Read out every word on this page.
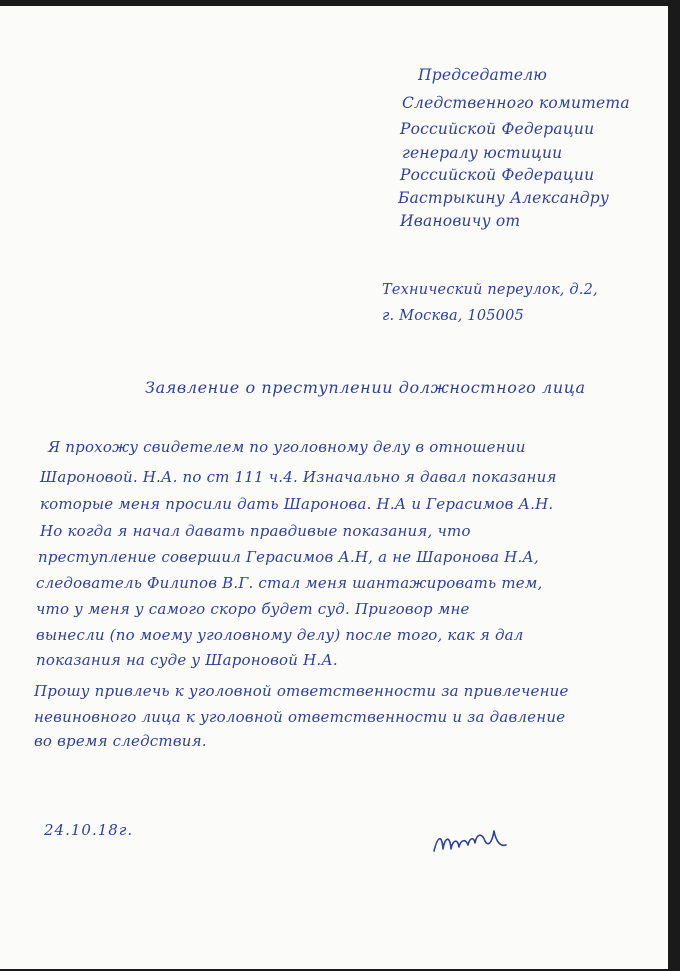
Председателю

Следственного комитета

Российской Федерации

генералу юстиции

Российской Федерации

Бастрыкину Александру

Ивановичу от

Технический переулок, д.2,

г. Москва, 105005

Заявление о преступлении должностного лица

Я прохожу свидетелем по уголовному делу в отношении

Шароновой. Н.А. по ст 111 ч.4. Изначально я давал показания

которые меня просили дать Шаронова. Н.А и Герасимов А.Н.

Но когда я начал давать правдивые показания, что

преступление совершил Герасимов А.Н, а не Шаронова Н.А,

следователь Филипов В.Г. стал меня шантажировать тем,

что у меня у самого скоро будет суд. Приговор мне

вынесли (по моему уголовному делу) после того, как я дал

показания на суде у Шароновой Н.А.

Прошу привлечь к уголовной ответственности за привлечение

невиновного лица к уголовной ответственности и за давление

во время следствия.

24.10.18г.
